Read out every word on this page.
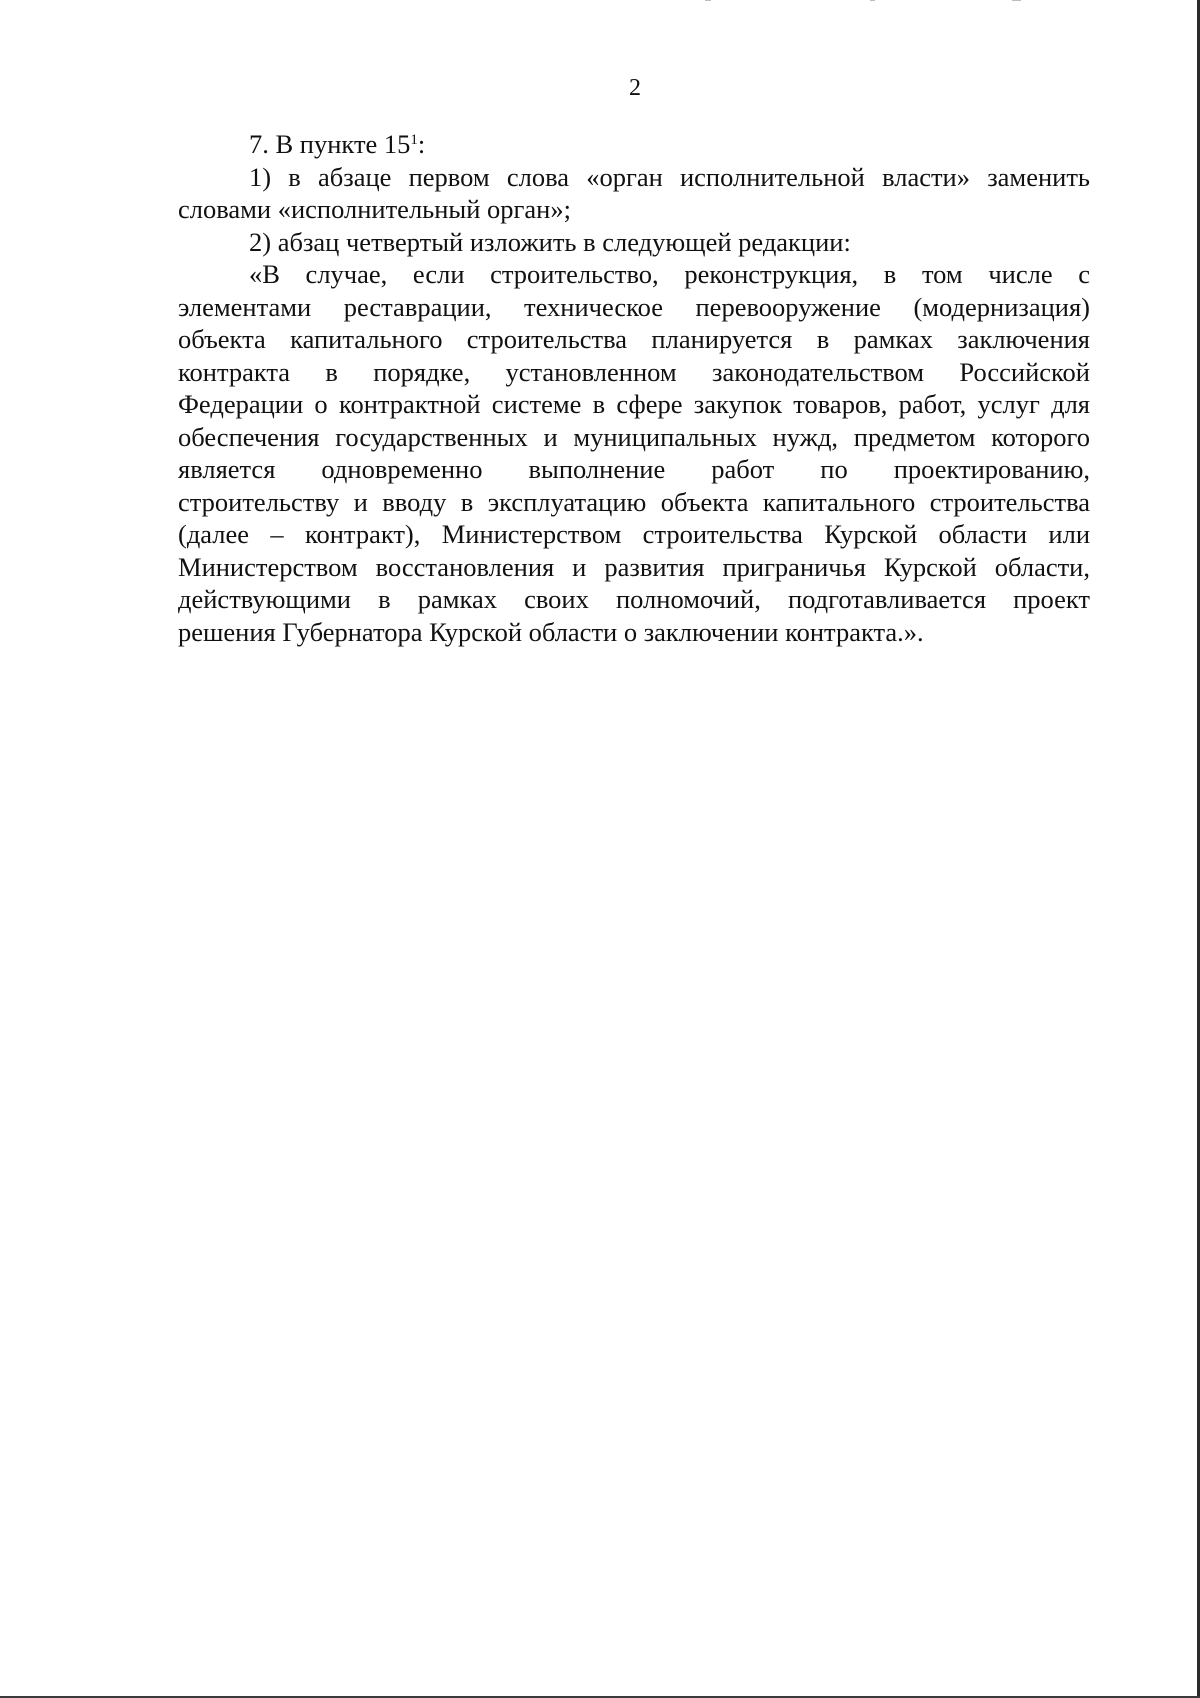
2
7. В пункте $15^1$:
1) в абзаце первом слова «орган исполнительной власти» заменить
словами «исполнительный орган»;
2) абзац четвертый изложить в следующей редакции:
«В случае, если строительство, реконструкция, в том числе с
элементами реставрации, техническое перевооружение (модернизация)
объекта капитального строительства планируется в рамках заключения
контракта в порядке, установленном законодательством Российской
Федерации о контрактной системе в сфере закупок товаров, работ, услуг для
обеспечения государственных и муниципальных нужд, предметом которого
является одновременно выполнение работ по проектированию,
строительству и вводу в эксплуатацию объекта капитального строительства
(далее – контракт), Министерством строительства Курской области или
Министерством восстановления и развития приграничья Курской области,
действующими в рамках своих полномочий, подготавливается проект
решения Губернатора Курской области о заключении контракта.».
